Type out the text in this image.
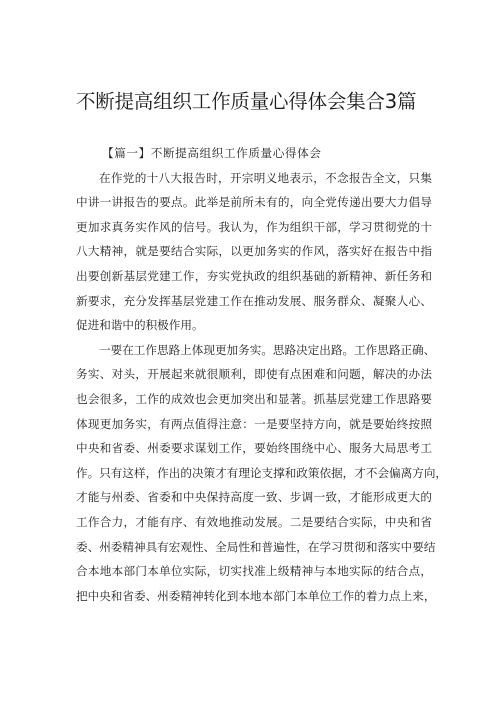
不断提高组织工作质量心得体会集合3篇

【篇一】不断提高组织工作质量心得体会

在作党的十八大报告时，开宗明义地表示，不念报告全文，只集
中讲一讲报告的要点。此举是前所未有的，向全党传递出要大力倡导
更加求真务实作风的信号。我认为，作为组织干部，学习贯彻党的十
八大精神，就是要结合实际，以更加务实的作风，落实好在报告中指
出要创新基层党建工作，夯实党执政的组织基础的新精神、新任务和
新要求，充分发挥基层党建工作在推动发展、服务群众、凝聚人心、
促进和谐中的积极作用。

一要在工作思路上体现更加务实。思路决定出路。工作思路正确、
务实、对头，开展起来就很顺利，即使有点困难和问题，解决的办法
也会很多，工作的成效也会更加突出和显著。抓基层党建工作思路要
体现更加务实，有两点值得注意：一是要坚持方向，就是要始终按照
中央和省委、州委要求谋划工作，要始终围绕中心、服务大局思考工
作。只有这样，作出的决策才有理论支撑和政策依据，才不会偏离方向，
才能与州委、省委和中央保持高度一致、步调一致，才能形成更大的
工作合力，才能有序、有效地推动发展。二是要结合实际，中央和省
委、州委精神具有宏观性、全局性和普遍性，在学习贯彻和落实中要结
合本地本部门本单位实际，切实找准上级精神与本地实际的结合点，
把中央和省委、州委精神转化到本地本部门本单位工作的着力点上来，
